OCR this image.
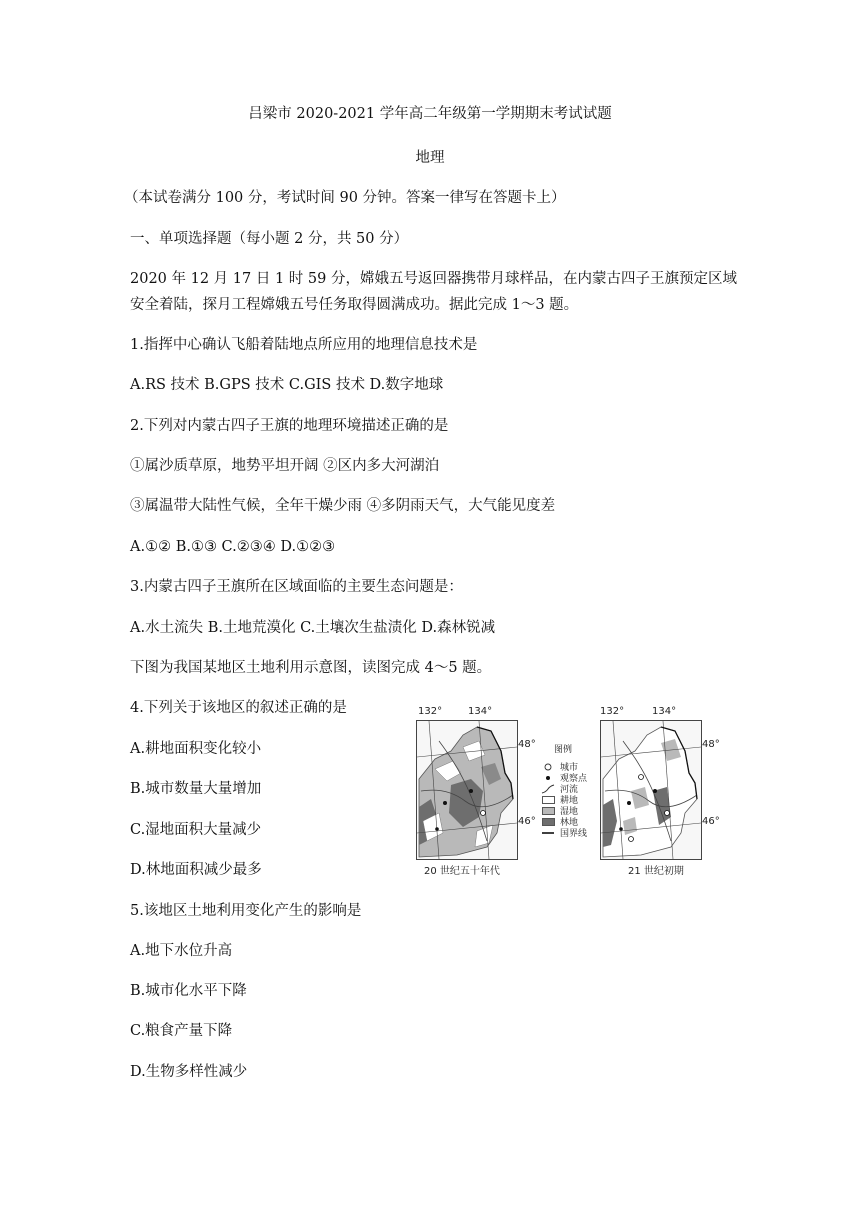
吕梁市 2020-2021 学年高二年级第一学期期末考试试题
地理
（本试卷满分 100 分，考试时间 90 分钟。答案一律写在答题卡上）
一、单项选择题（每小题 2 分，共 50 分）
2020 年 12 月 17 日 1 时 59 分，嫦娥五号返回器携带月球样品，在内蒙古四子王旗预定区域
安全着陆，探月工程嫦娥五号任务取得圆满成功。据此完成 1～3 题。
1.指挥中心确认飞船着陆地点所应用的地理信息技术是
A.RS 技术 B.GPS 技术 C.GIS 技术 D.数字地球
2.下列对内蒙古四子王旗的地理环境描述正确的是
①属沙质草原，地势平坦开阔 ②区内多大河湖泊
③属温带大陆性气候，全年干燥少雨 ④多阴雨天气，大气能见度差
A.①② B.①③ C.②③④ D.①②③
3.内蒙古四子王旗所在区域面临的主要生态问题是：
A.水土流失 B.土地荒漠化 C.土壤次生盐渍化 D.森林锐减
下图为我国某地区土地利用示意图，读图完成 4～5 题。
4.下列关于该地区的叙述正确的是
A.耕地面积变化较小
B.城市数量大量增加
C.湿地面积大量减少
D.林地面积减少最多
5.该地区土地利用变化产生的影响是
A.地下水位升高
B.城市化水平下降
C.粮食产量下降
D.生物多样性减少
132°	134°
48°
46°
20 世纪五十年代
图例
城市
观察点
河流
耕地
湿地
林地
国界线
132°	134°
48°
46°
21 世纪初期
